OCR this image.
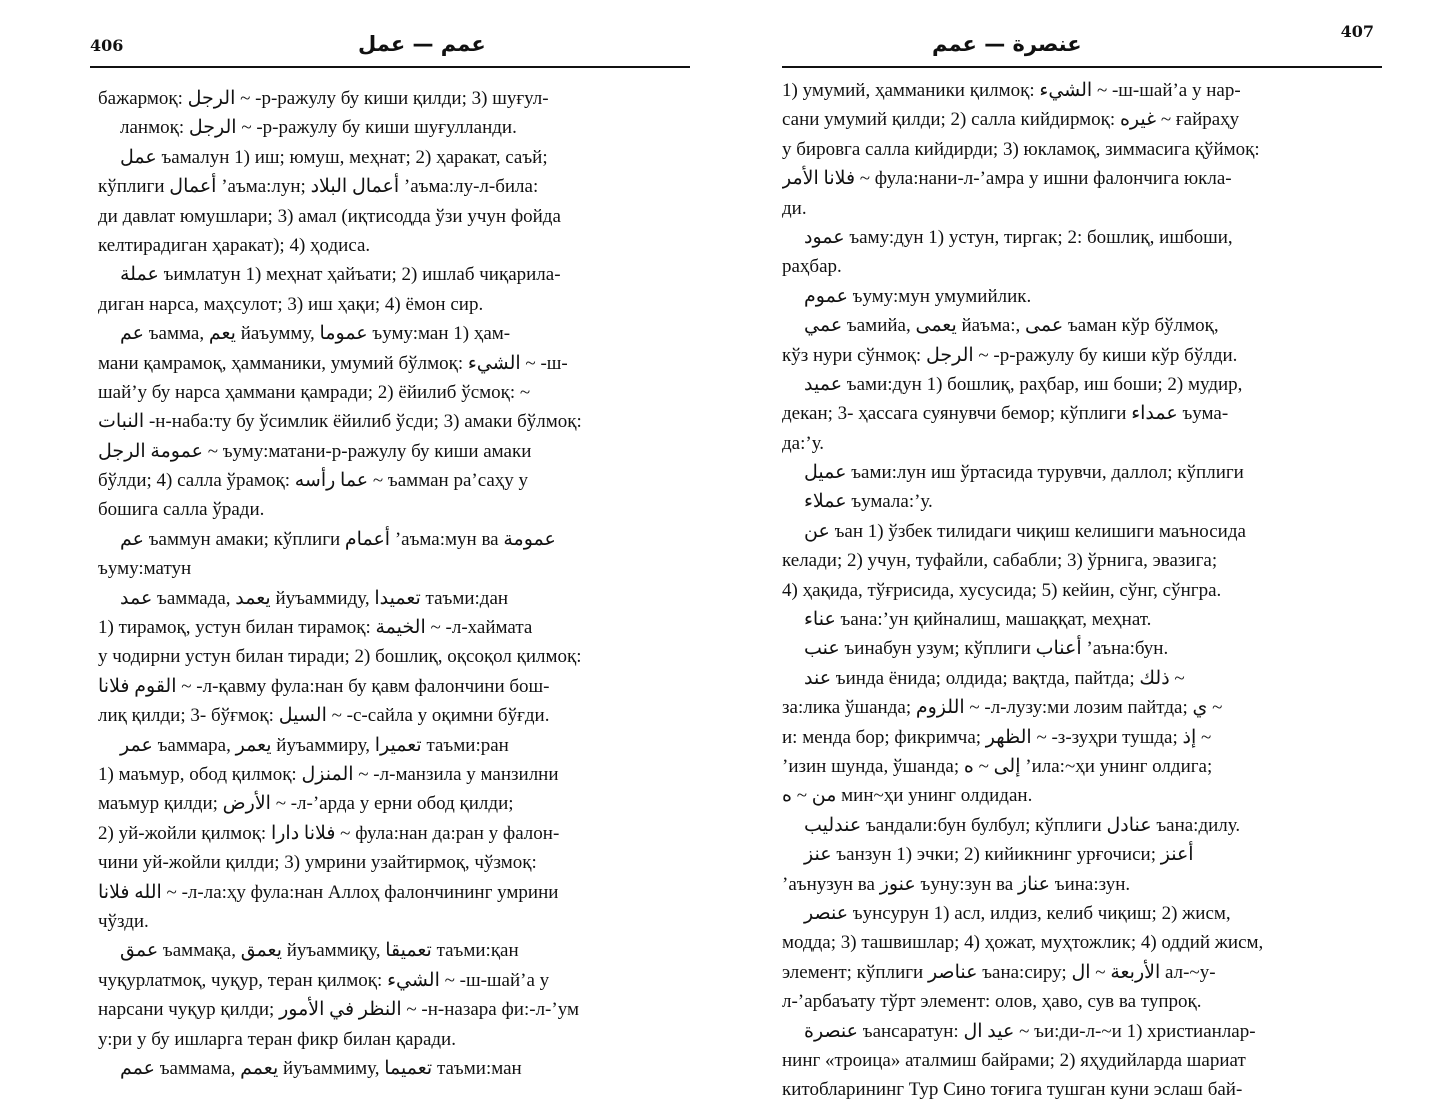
406	عمم — عمل
бажармоқ: الرجل ~ -р-ражулу бу киши қилди; 3) шуғул-
ланмоқ: الرجل ~ -р-ражулу бу киши шуғулланди.
عمل ъамалун 1) иш; юмуш, меҳнат; 2) ҳаракат, саъй;
кўплиги أعمال ’аъма:лун; أعمال البلاد ’аъма:лу-л-била:
ди давлат юмушлари; 3) амал (иқтисодда ўзи учун фойда
келтирадиган ҳаракат); 4) ҳодиса.
عملة ъимлатун 1) меҳнат ҳайъати; 2) ишлаб чиқарила-
диган нарса, маҳсулот; 3) иш ҳақи; 4) ёмон сир.
عم ъамма, يعم йаъумму, عموما ъуму:ман 1) ҳам-
мани қамрамоқ, ҳамманики, умумий бўлмоқ: الشيء ~ -ш-
шай’у бу нарса ҳаммани қамради; 2) ёйилиб ўсмоқ: ~
النبات -н-наба:ту бу ўсимлик ёйилиб ўсди; 3) амаки бўлмоқ:
عمومة الرجل ~ ъуму:матани-р-ражулу бу киши амаки
бўлди; 4) салла ўрамоқ: عما رأسه ~ ъамман ра’саҳу у
бошига салла ўради.
عم ъаммун амаки; кўплиги أعمام ’аъма:мун ва عمومة
ъуму:матун
عمد ъаммада, يعمد йуъаммиду, تعميدا таъми:дан
1) тирамоқ, устун билан тирамоқ: الخيمة ~ -л-хаймата
у чодирни устун билан тиради; 2) бошлиқ, оқсоқол қилмоқ:
القوم فلانا ~ -л-қавму фула:нан бу қавм фалончини бош-
лиқ қилди; 3- бўғмоқ: السيل ~ -с-сайла у оқимни бўғди.
عمر ъаммара, يعمر йуъаммиру, تعميرا таъми:ран
1) маъмур, обод қилмоқ: المنزل ~ -л-манзила у манзилни
маъмур қилди; الأرض ~ -л-’арда у ерни обод қилди;
2) уй-жойли қилмоқ: فلانا دارا ~ фула:нан да:ран у фалон-
чини уй-жойли қилди; 3) умрини узайтирмоқ, чўзмоқ:
الله فلانا ~ -л-ла:ҳу фула:нан Аллоҳ фалончининг умрини
чўзди.
عمق ъаммақа, يعمق йуъаммиқу, تعميقا таъми:қан
чуқурлатмоқ, чуқур, теран қилмоқ: الشيء ~ -ш-шай’а у
нарсани чуқур қилди; النظر في الأمور ~ -н-назара фи:-л-’ум
у:ри у бу ишларга теран фикр билан қаради.
عمم ъаммама, يعمم йуъаммиму, تعميما таъми:ман
عنصرة — عمم
407
1) умумий, ҳамманики қилмоқ: الشيء ~ -ш-шай’а у нар-
сани умумий қилди; 2) салла кийдирмоқ: غيره ~ ғайраҳу
у бировга салла кийдирди; 3) юкламоқ, зиммасига қўймоқ:
فلانا الأمر ~ фула:нани-л-’амра у ишни фалончига юкла-
ди.
عمود ъаму:дун 1) устун, тиргак; 2: бошлиқ, ишбоши,
раҳбар.
عموم ъуму:мун умумийлик.
عمي ъамийа, يعمى йаъма:, عمى ъаман кўр бўлмоқ,
кўз нури сўнмоқ: الرجل ~ -р-ражулу бу киши кўр бўлди.
عميد ъами:дун 1) бошлиқ, раҳбар, иш боши; 2) мудир,
декан; 3- ҳассага суянувчи бемор; кўплиги عمداء ъума-
да:’у.
عميل ъами:лун иш ўртасида турувчи, даллол; кўплиги
عملاء ъумала:’у.
عن ъан 1) ўзбек тилидаги чиқиш келишиги маъносида
келади; 2) учун, туфайли, сабабли; 3) ўрнига, эвазига;
4) ҳақида, тўғрисида, хусусида; 5) кейин, сўнг, сўнгра.
عناء ъана:’ун қийналиш, машаққат, меҳнат.
عنب ъинабун узум; кўплиги أعناب ’аъна:бун.
عند ъинда ёнида; олдида; вақтда, пайтда; ذلك ~
за:лика ўшанда; اللزوم ~ -л-лузу:ми лозим пайтда; ي ~
и: менда бор; фикримча; الظهر ~ -з-зуҳри тушда; إذ ~
’изин шунда, ўшанда; إلى ~ ه ’ила:~ҳи унинг олдига;
من ~ ه мин~ҳи унинг олдидан.
عندليب ъандали:бун булбул; кўплиги عنادل ъана:дилу.
عنز ъанзун 1) эчки; 2) кийикнинг урғочиси; أعنز
’аънузун ва عنوز ъуну:зун ва عناز ъина:зун.
عنصر ъунсурун 1) асл, илдиз, келиб чиқиш; 2) жисм,
модда; 3) ташвишлар; 4) ҳожат, муҳтожлик; 4) оддий жисм,
элемент; кўплиги عناصر ъана:сиру; الأربعة ~ ال ал-~у-
л-’арбаъату тўрт элемент: олов, ҳаво, сув ва тупроқ.
عنصرة ъансаратун: عيد ال ~ ъи:ди-л-~и 1) христианлар-
нинг «троица» аталмиш байрами; 2) яҳудийларда шариат
китобларининг Тур Сино тоғига тушган куни эслаш бай-
